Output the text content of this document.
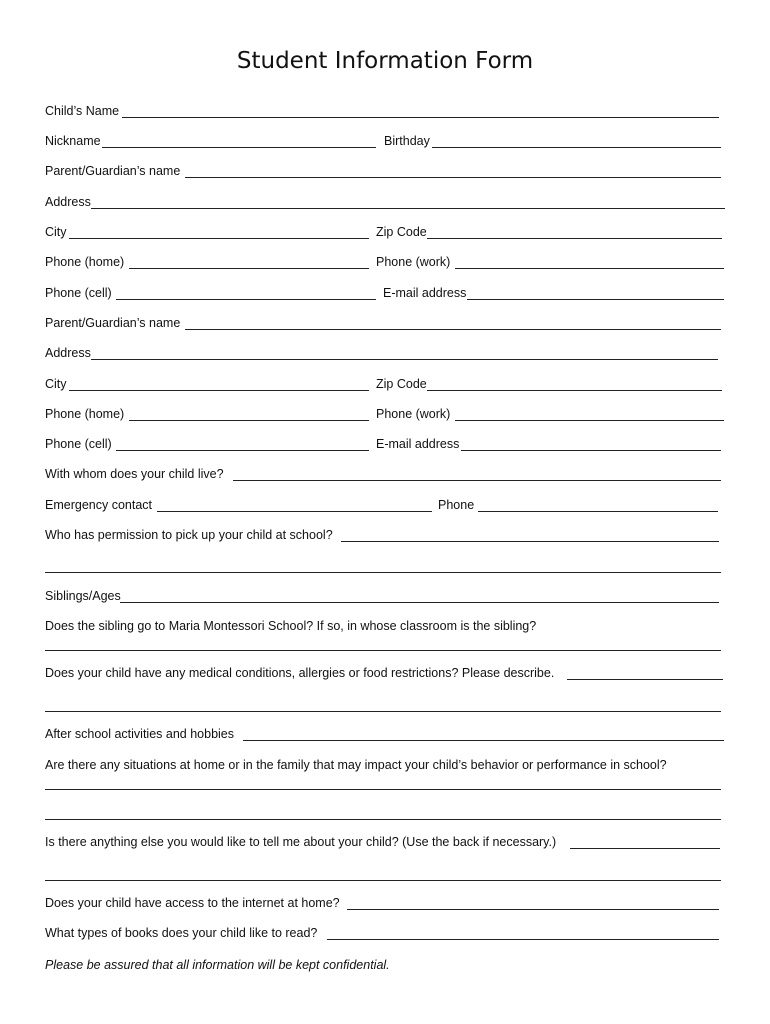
Student Information Form
Child’s Name
Nickname	Birthday
Parent/Guardian’s name
Address
City	Zip Code
Phone (home)	Phone (work)
Phone (cell)	E-mail address
Parent/Guardian’s name
Address
City	Zip Code
Phone (home)	Phone (work)
Phone (cell)	E-mail address
With whom does your child live?
Emergency contact	Phone
Who has permission to pick up your child at school?
Siblings/Ages
Does the sibling go to Maria Montessori School? If so, in whose classroom is the sibling?
Does your child have any medical conditions, allergies or food restrictions? Please describe.
After school activities and hobbies
Are there any situations at home or in the family that may impact your child’s behavior or performance in school?
Is there anything else you would like to tell me about your child? (Use the back if necessary.)
Does your child have access to the internet at home?
What types of books does your child like to read?
Please be assured that all information will be kept confidential.
